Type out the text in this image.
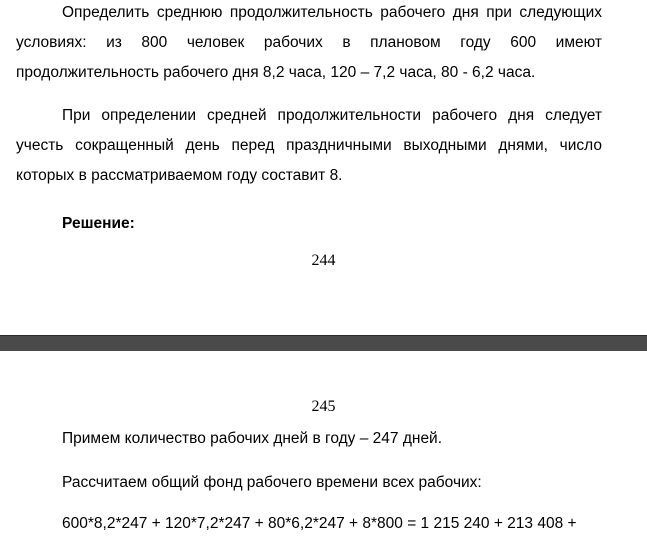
Определить среднюю продолжительность рабочего дня при следующих условиях: из 800 человек рабочих в плановом году 600 имеют продолжительность рабочего дня 8,2 часа, 120 – 7,2 часа, 80 - 6,2 часа.

При определении средней продолжительности рабочего дня следует учесть сокращенный день перед праздничными выходными днями, число которых в рассматриваемом году составит 8.

Решение:

244
245

Примем количество рабочих дней в году – 247 дней.

Рассчитаем общий фонд рабочего времени всех рабочих:

600*8,2*247 + 120*7,2*247 + 80*6,2*247 + 8*800 = 1 215 240 + 213 408 +
